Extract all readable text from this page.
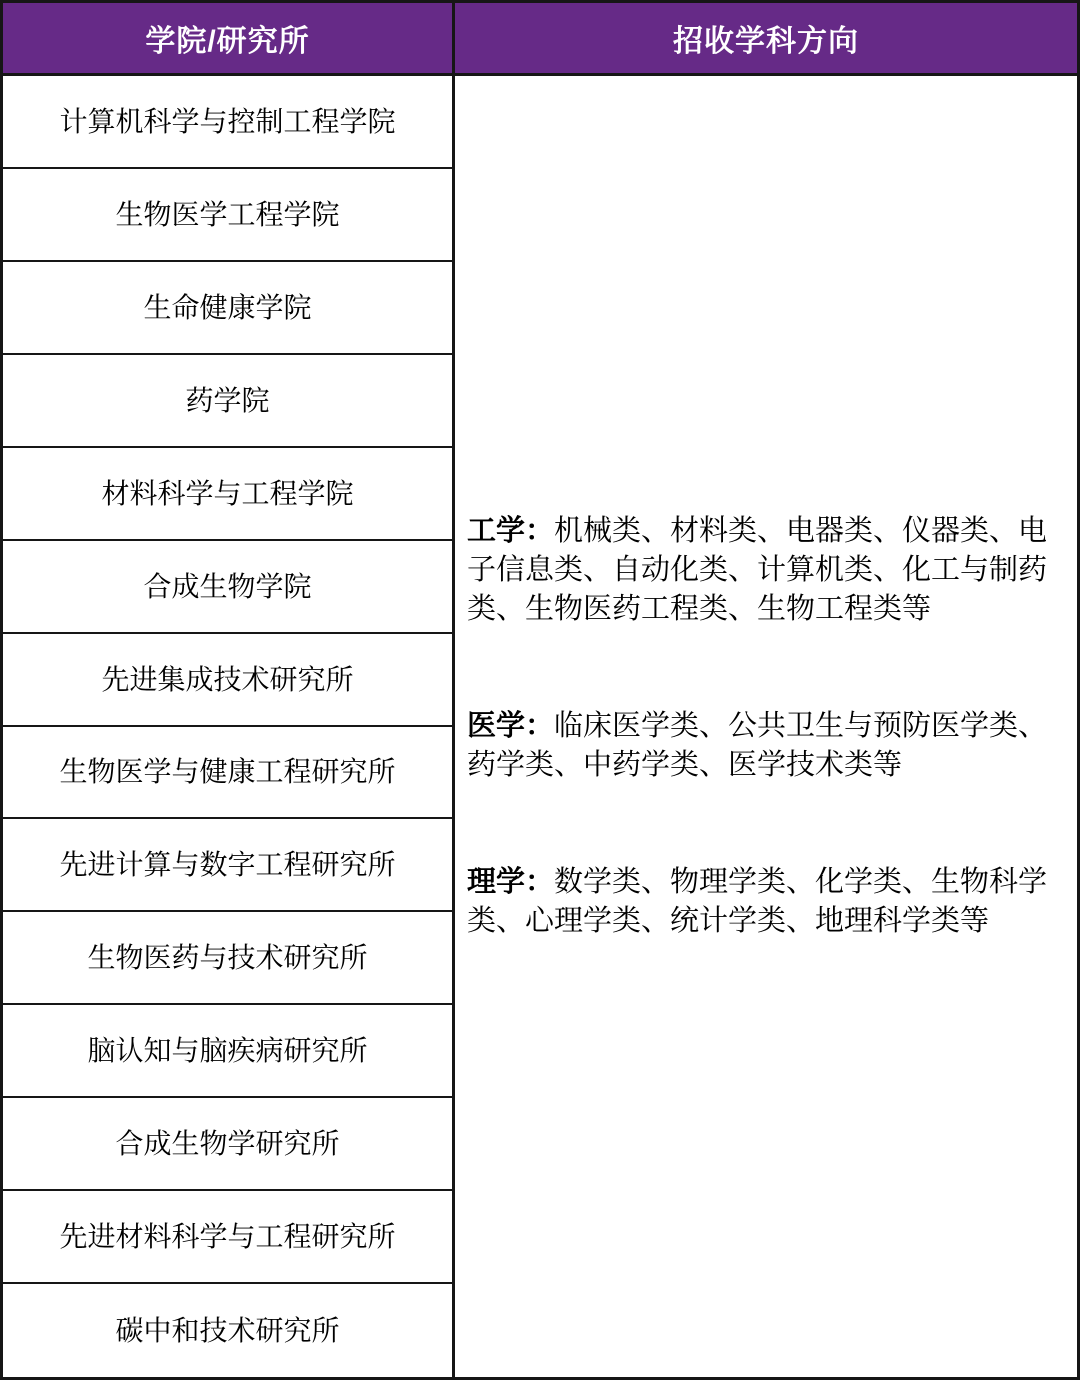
学院/研究所	招收学科方向

工学：机械类、材料类、电器类、仪器类、电子信息类、自动化类、计算机类、化工与制药类、生物医药工程类、生物工程类等

医学：临床医学类、公共卫生与预防医学类、药学类、中药学类、医学技术类等

理学：数学类、物理学类、化学类、生物科学类、心理学类、统计学类、地理科学类等

计算机科学与控制工程学院
生物医学工程学院
生命健康学院
药学院
材料科学与工程学院
合成生物学院
先进集成技术研究所
生物医学与健康工程研究所
先进计算与数字工程研究所
生物医药与技术研究所
脑认知与脑疾病研究所
合成生物学研究所
先进材料科学与工程研究所
碳中和技术研究所
